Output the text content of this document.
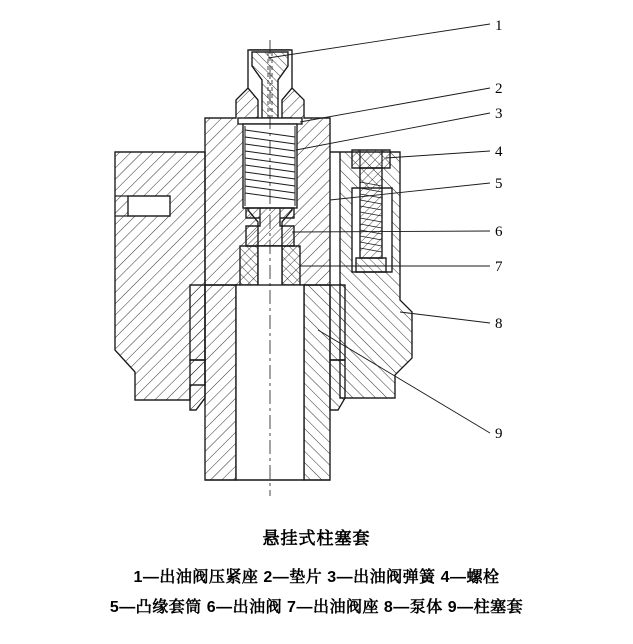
1
2
3
4
5
6
7
8
9
悬挂式柱塞套
1—出油阀压紧座 2—垫片 3—出油阀弹簧 4—螺栓
5—凸缘套筒 6—出油阀 7—出油阀座 8—泵体 9—柱塞套
